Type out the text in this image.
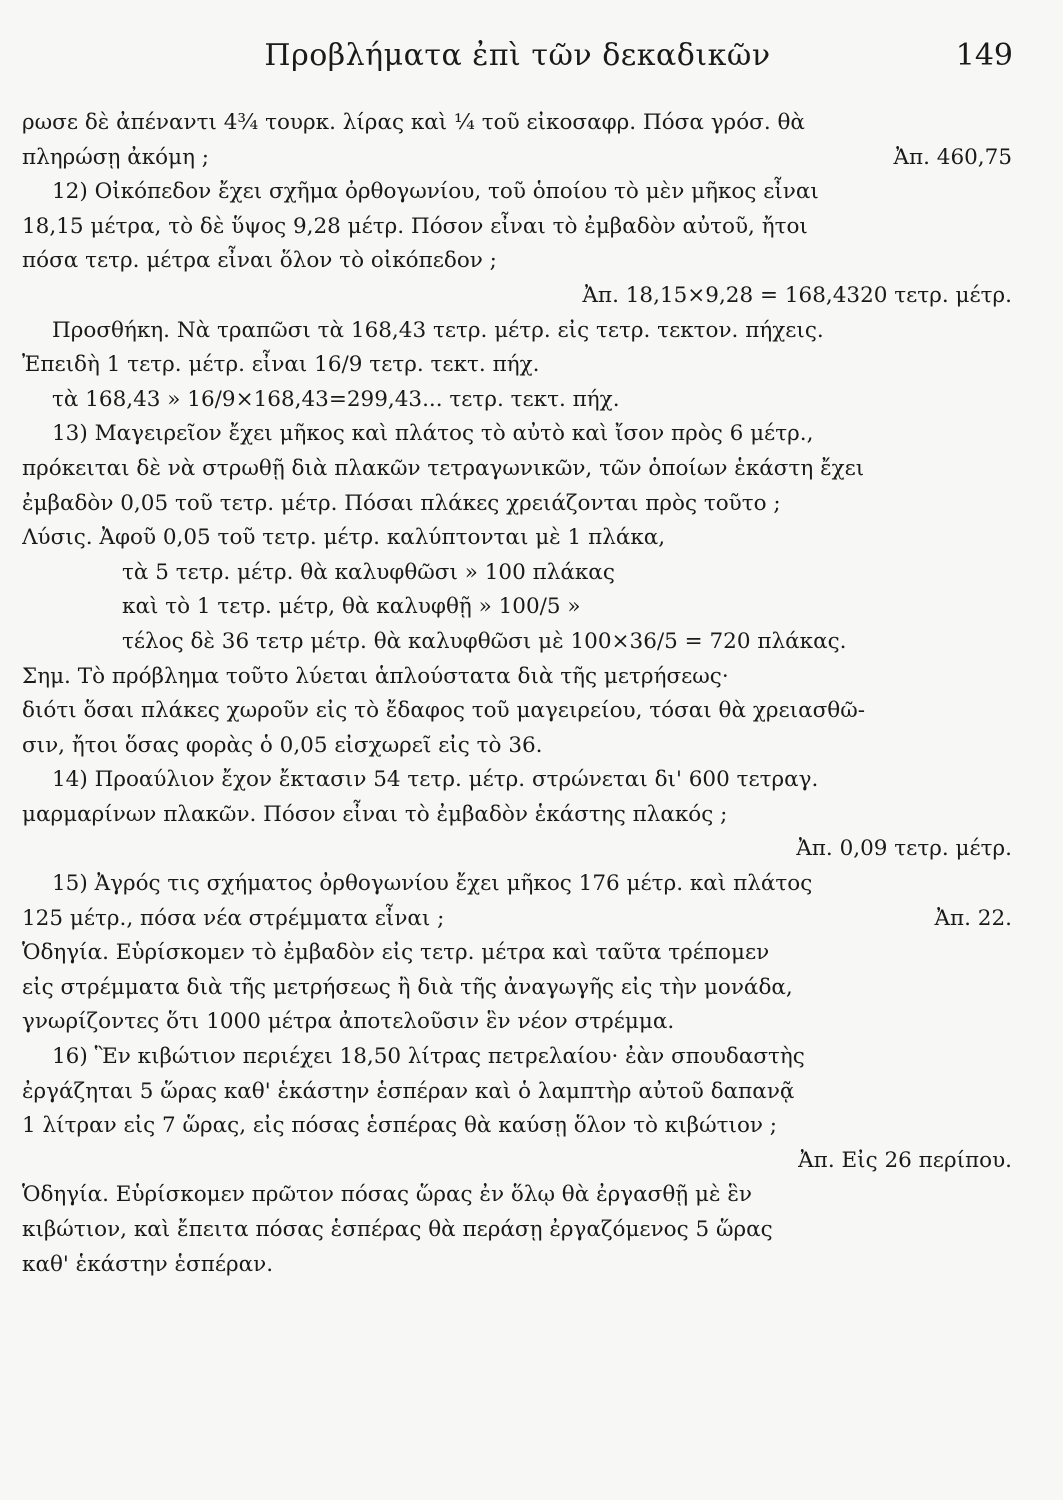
Προβλήματα ἐπὶ τῶν δεκαδικῶν	149
ρωσε δὲ ἀπέναντι 4¾ τουρκ. λίρας καὶ ¼ τοῦ εἰκοσαφρ. Πόσα γρόσ. θὰ
Ἀπ. 460,75
πληρώσῃ ἀκόμη ;
12) Οἰκόπεδον ἔχει σχῆμα ὀρθογωνίου, τοῦ ὁποίου τὸ μὲν μῆκος εἶναι
18,15 μέτρα, τὸ δὲ ὕψος 9,28 μέτρ. Πόσον εἶναι τὸ ἐμβαδὸν αὐτοῦ, ἤτοι
πόσα τετρ. μέτρα εἶναι ὅλον τὸ οἰκόπεδον ;
Ἀπ. 18,15×9,28 = 168,4320 τετρ. μέτρ.
Προσθήκη. Νὰ τραπῶσι τὰ 168,43 τετρ. μέτρ. εἰς τετρ. τεκτον. πήχεις.
Ἐπειδὴ 1 τετρ. μέτρ. εἶναι 16/9 τετρ. τεκτ. πήχ.
τὰ 168,43 » 16/9×168,43=299,43... τετρ. τεκτ. πήχ.
13) Μαγειρεῖον ἔχει μῆκος καὶ πλάτος τὸ αὐτὸ καὶ ἴσον πρὸς 6 μέτρ.,
πρόκειται δὲ νὰ στρωθῇ διὰ πλακῶν τετραγωνικῶν, τῶν ὁποίων ἑκάστη ἔχει
ἐμβαδὸν 0,05 τοῦ τετρ. μέτρ. Πόσαι πλάκες χρειάζονται πρὸς τοῦτο ;
Λύσις. Ἀφοῦ 0,05 τοῦ τετρ. μέτρ. καλύπτονται μὲ 1 πλάκα,
τὰ 5 τετρ. μέτρ. θὰ καλυφθῶσι » 100 πλάκας
καὶ τὸ 1 τετρ. μέτρ, θὰ καλυφθῇ » 100/5 »
τέλος δὲ 36 τετρ μέτρ. θὰ καλυφθῶσι μὲ 100×36/5 = 720 πλάκας.
Σημ. Τὸ πρόβλημα τοῦτο λύεται ἁπλούστατα διὰ τῆς μετρήσεως·
διότι ὅσαι πλάκες χωροῦν εἰς τὸ ἔδαφος τοῦ μαγειρείου, τόσαι θὰ χρειασθῶ-
σιν, ἤτοι ὅσας φορὰς ὁ 0,05 εἰσχωρεῖ εἰς τὸ 36.
14) Προαύλιον ἔχον ἔκτασιν 54 τετρ. μέτρ. στρώνεται δι' 600 τετραγ.
μαρμαρίνων πλακῶν. Πόσον εἶναι τὸ ἐμβαδὸν ἑκάστης πλακός ;
Ἀπ. 0,09 τετρ. μέτρ.
15) Ἀγρός τις σχήματος ὀρθογωνίου ἔχει μῆκος 176 μέτρ. καὶ πλάτος
Ἀπ. 22.
125 μέτρ., πόσα νέα στρέμματα εἶναι ;
Ὁδηγία. Εὑρίσκομεν τὸ ἐμβαδὸν εἰς τετρ. μέτρα καὶ ταῦτα τρέπομεν
εἰς στρέμματα διὰ τῆς μετρήσεως ἢ διὰ τῆς ἀναγωγῆς εἰς τὴν μονάδα,
γνωρίζοντες ὅτι 1000 μέτρα ἀποτελοῦσιν ἓν νέον στρέμμα.
16) Ἓν κιβώτιον περιέχει 18,50 λίτρας πετρελαίου· ἐὰν σπουδαστὴς
ἐργάζηται 5 ὥρας καθ' ἑκάστην ἑσπέραν καὶ ὁ λαμπτὴρ αὐτοῦ δαπανᾷ
1 λίτραν εἰς 7 ὥρας, εἰς πόσας ἑσπέρας θὰ καύσῃ ὅλον τὸ κιβώτιον ;
Ἀπ. Εἰς 26 περίπου.
Ὁδηγία. Εὑρίσκομεν πρῶτον πόσας ὥρας ἐν ὅλῳ θὰ ἐργασθῇ μὲ ἓν
κιβώτιον, καὶ ἔπειτα πόσας ἑσπέρας θὰ περάσῃ ἐργαζόμενος 5 ὥρας
καθ' ἑκάστην ἑσπέραν.
